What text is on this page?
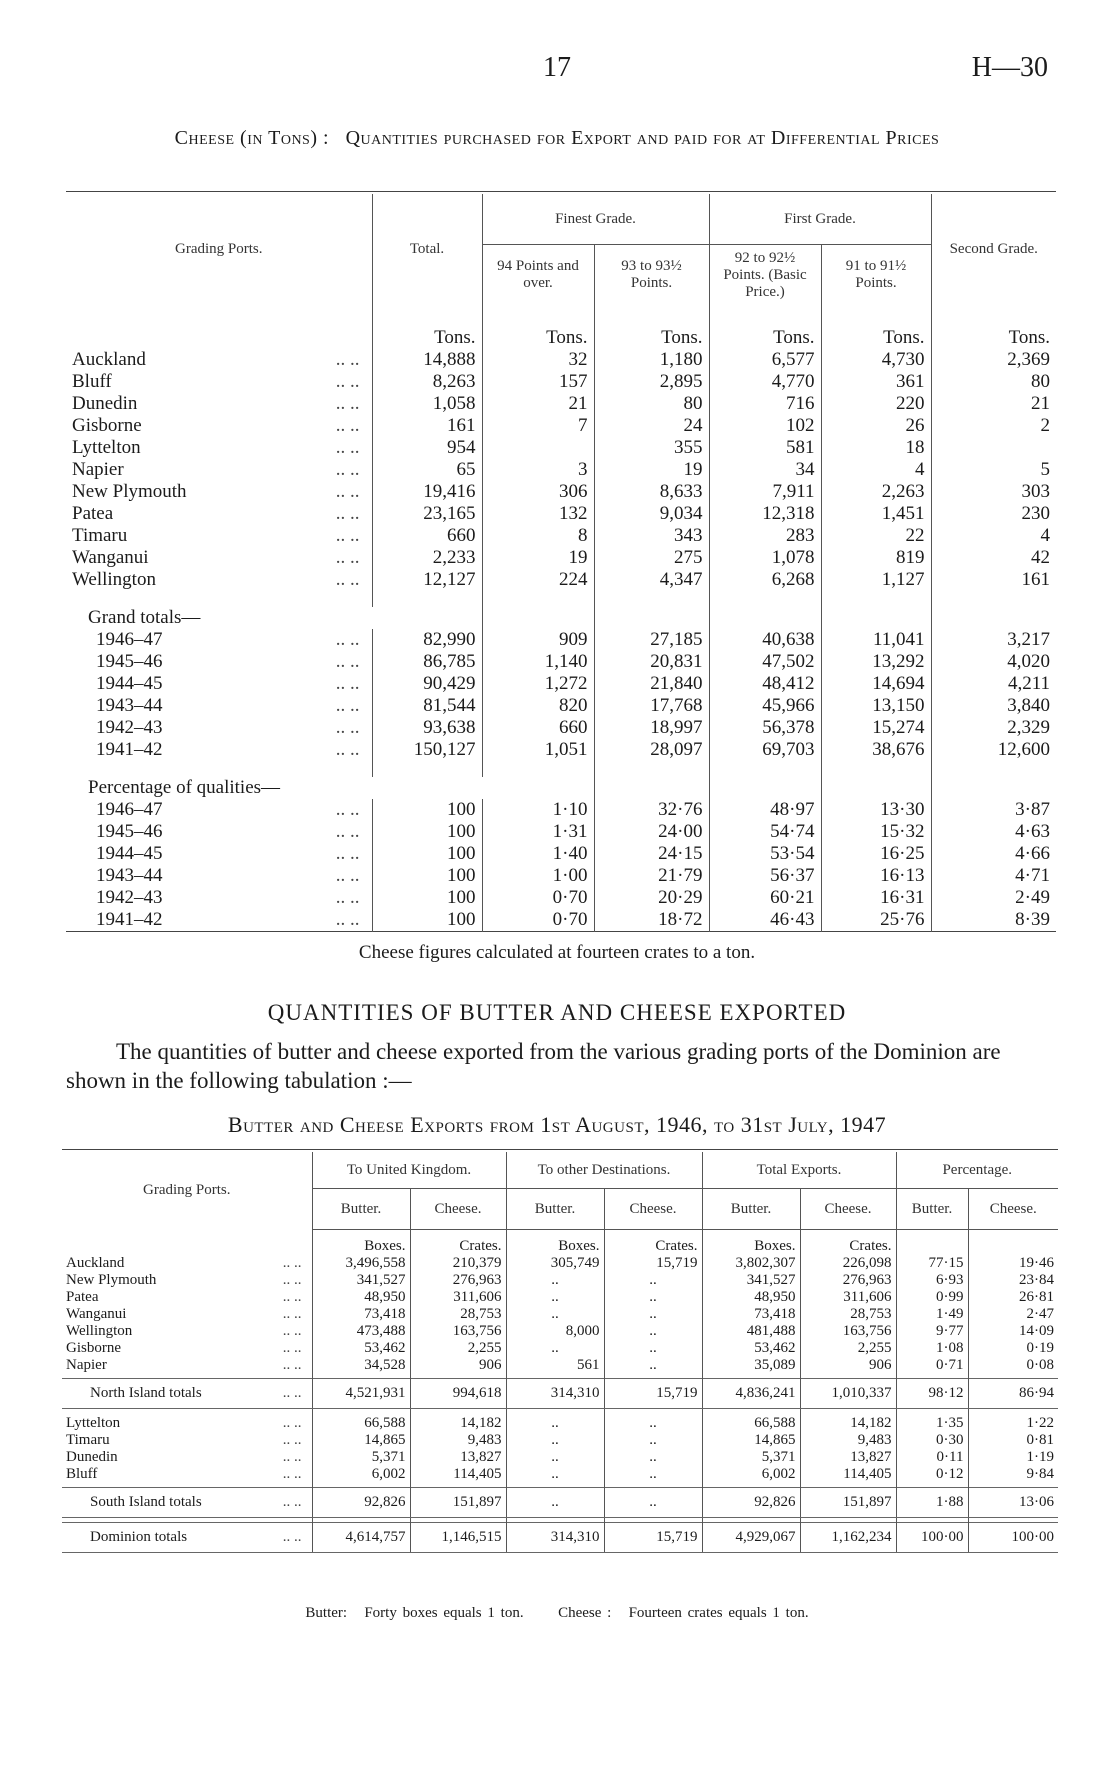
17	H—30
Cheese (in Tons) : Quantities purchased for Export and paid for at Differential Prices
Grading Ports.	Total.	Finest Grade.		First Grade.		Second Grade.
		94 Points and over.	93 to 93½ Points.	92 to 92½ Points. (Basic Price.)	91 to 91½ Points.	

	Tons.	Tons.	Tons.	Tons.	Tons.	Tons.
Auckland .. ..	14,888	32	1,180	6,577	4,730	2,369
Bluff .. ..	8,263	157	2,895	4,770	361	80
Dunedin .. ..	1,058	21	80	716	220	21
Gisborne .. ..	161	7	24	102	26	2
Lyttelton .. ..	954		355	581	18	
Napier .. ..	65	3	19	34	4	5
New Plymouth .. ..	19,416	306	8,633	7,911	2,263	303
Patea .. ..	23,165	132	9,034	12,318	1,451	230
Timaru .. ..	660	8	343	283	22	4
Wanganui .. ..	2,233	19	275	1,078	819	42
Wellington .. ..	12,127	224	4,347	6,268	1,127	161

Grand totals—						
1946–47 .. ..	82,990	909	27,185	40,638	11,041	3,217
1945–46 .. ..	86,785	1,140	20,831	47,502	13,292	4,020
1944–45 .. ..	90,429	1,272	21,840	48,412	14,694	4,211
1943–44 .. ..	81,544	820	17,768	45,966	13,150	3,840
1942–43 .. ..	93,638	660	18,997	56,378	15,274	2,329
1941–42 .. ..	150,127	1,051	28,097	69,703	38,676	12,600

Percentage of qualities—						
1946–47 .. ..	100	1·10	32·76	48·97	13·30	3·87
1945–46 .. ..	100	1·31	24·00	54·74	15·32	4·63
1944–45 .. ..	100	1·40	24·15	53·54	16·25	4·66
1943–44 .. ..	100	1·00	21·79	56·37	16·13	4·71
1942–43 .. ..	100	0·70	20·29	60·21	16·31	2·49
1941–42 .. ..	100	0·70	18·72	46·43	25·76	8·39

Cheese figures calculated at fourteen crates to a ton.
QUANTITIES OF BUTTER AND CHEESE EXPORTED
The quantities of butter and cheese exported from the various grading ports of the Dominion are shown in the following tabulation :—
Butter and Cheese Exports from 1st August, 1946, to 31st July, 1947
Grading Ports.	To United Kingdom.		To other Destinations.		Total Exports.		Percentage.	
	Butter.	Cheese.	Butter.	Cheese.	Butter.	Cheese.	Butter.	Cheese.

	Boxes.	Crates.	Boxes.	Crates.	Boxes.	Crates.		
Auckland .. ..	3,496,558	210,379	305,749	15,719	3,802,307	226,098	77·15	19·46
New Plymouth .. ..	341,527	276,963	..	..	341,527	276,963	6·93	23·84
Patea .. ..	48,950	311,606	..	..	48,950	311,606	0·99	26·81
Wanganui .. ..	73,418	28,753	..	..	73,418	28,753	1·49	2·47
Wellington .. ..	473,488	163,756	8,000	..	481,488	163,756	9·77	14·09
Gisborne .. ..	53,462	2,255	..	..	53,462	2,255	1·08	0·19
Napier .. ..	34,528	906	561	..	35,089	906	0·71	0·08

North Island totals .. ..	4,521,931	994,618	314,310	15,719	4,836,241	1,010,337	98·12	86·94

Lyttelton .. ..	66,588	14,182	..	..	66,588	14,182	1·35	1·22
Timaru .. ..	14,865	9,483	..	..	14,865	9,483	0·30	0·81
Dunedin .. ..	5,371	13,827	..	..	5,371	13,827	0·11	1·19
Bluff .. ..	6,002	114,405	..	..	6,002	114,405	0·12	9·84

South Island totals .. ..	92,826	151,897	..	..	92,826	151,897	1·88	13·06

Dominion totals .. ..	4,614,757	1,146,515	314,310	15,719	4,929,067	1,162,234	100·00	100·00
Butter: Forty boxes equals 1 ton. Cheese : Fourteen crates equals 1 ton.
